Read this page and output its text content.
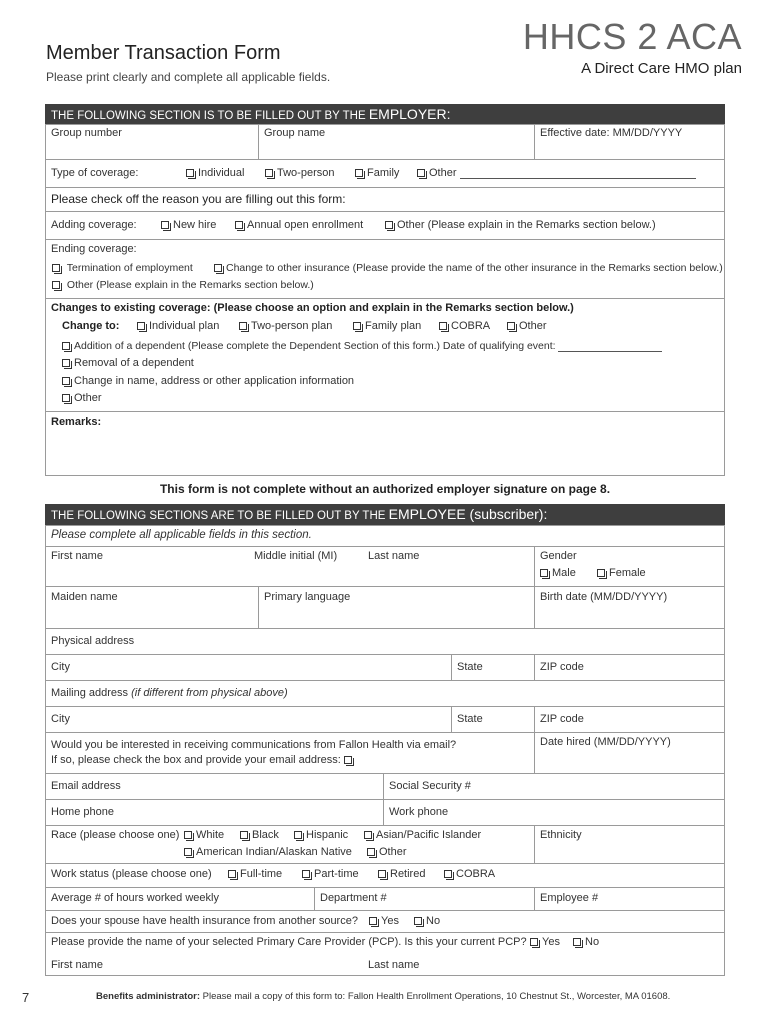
Member Transaction Form
Please print clearly and complete all applicable fields.
HHCS 2 ACA
A Direct Care HMO plan
THE FOLLOWING SECTION IS TO BE FILLED OUT BY THE EMPLOYER:
Group number	Group name	Effective date: MM/DD/YYYY
Type of coverage:	Individual	Two-person	Family	Other
Please check off the reason you are filling out this form:
Adding coverage:	New hire	Annual open enrollment	Other (Please explain in the Remarks section below.)
Ending coverage:
Termination of employment	Change to other insurance (Please provide the name of the other insurance in the Remarks section below.)
Other (Please explain in the Remarks section below.)
Changes to existing coverage: (Please choose an option and explain in the Remarks section below.)
Change to:	Individual plan	Two-person plan	Family plan	COBRA	Other
Addition of a dependent (Please complete the Dependent Section of this form.) Date of qualifying event:
Removal of a dependent
Change in name, address or other application information
Other
Remarks:
This form is not complete without an authorized employer signature on page 8.
THE FOLLOWING SECTIONS ARE TO BE FILLED OUT BY THE EMPLOYEE (subscriber):
Please complete all applicable fields in this section.
First name	Middle initial (MI)	Last name	Gender
Male	Female
Maiden name	Primary language	Birth date (MM/DD/YYYY)
Physical address
City	State	ZIP code
Mailing address (if different from physical above)
City	State	ZIP code
Would you be interested in receiving communications from Fallon Health via email?
If so, please check the box and provide your email address:
Date hired (MM/DD/YYYY)
Email address	Social Security #
Home phone	Work phone
Race (please choose one)	White	Black	Hispanic	Asian/Pacific Islander
American Indian/Alaskan Native	Other
Ethnicity
Work status (please choose one)	Full-time	Part-time	Retired	COBRA
Average # of hours worked weekly	Department #	Employee #
Does your spouse have health insurance from another source?	Yes	No
Please provide the name of your selected Primary Care Provider (PCP). Is this your current PCP?	Yes	No
First name	Last name
7	Benefits administrator: Please mail a copy of this form to: Fallon Health Enrollment Operations, 10 Chestnut St., Worcester, MA 01608.
